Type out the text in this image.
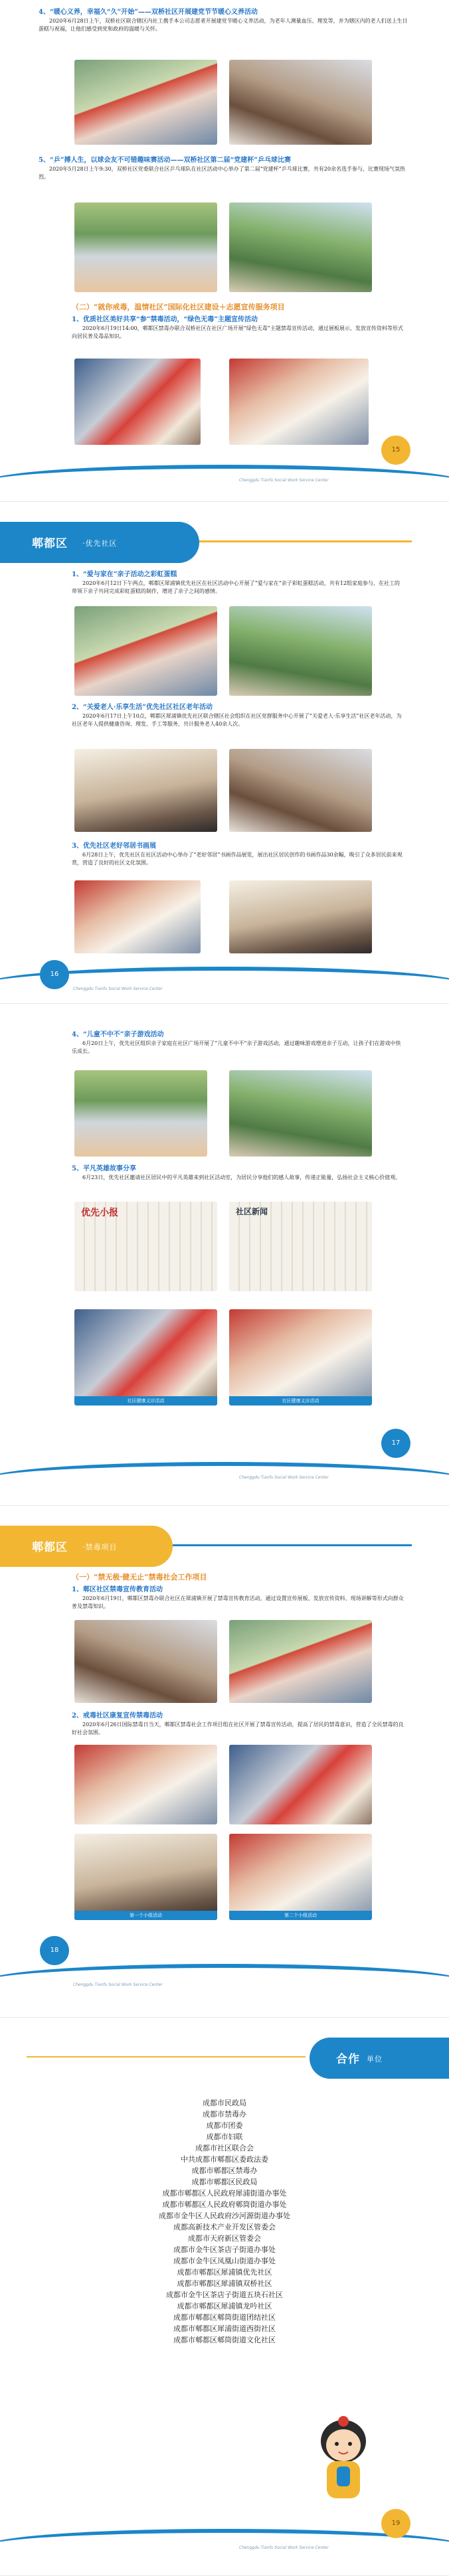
4、“暖心义养，幸福久“久”开始”——双桥社区开展建党节节暖心义养活动

2020年6月28日上午，双桥社区联合辖区内社工携手本公司志愿者开展建党节暖心义养活动，为老年人测量血压、理发等，并为辖区内的老人们送上生日蛋糕与祝福，让他们感受到党和政府的温暖与关怀。

5、“乒”搏人生，以球会友不可错趣味赛活动——双桥社区第二届“党建杯”乒乓球比赛

2020年5月28日上午9:30，双桥社区党委联合社区乒乓球队在社区活动中心举办了第二届“党建杯”乒乓球比赛，共有20余名选手参与，比赛现场气氛热烈。

（二）“就你戒毒，温情社区”国际化社区建设＋志愿宣传服务项目

1、优质社区美好共享“参”禁毒活动，“绿色无毒”主题宣传活动

2020年6月19日14:00，郫都区禁毒办联合双桥社区在社区广场开展“绿色无毒”主题禁毒宣传活动，通过展板展示、发放宣传资料等形式向居民普及毒品知识。

Chenggdu Tianfu Social Work Service Center
15
郫都区 ·优先社区

1、“爱与家在”亲子活动之彩虹蛋糕

2020年6月12日下午两点，郫都区犀浦镇优先社区在社区活动中心开展了“爱与家在”亲子彩虹蛋糕活动，共有12组家庭参与，在社工的带领下亲子共同完成彩虹蛋糕的制作，增进了亲子之间的感情。

2、“关爱老人·乐享生活”优先社区社区老年活动

2020年6月17日上午10点，郫都区犀浦镇优先社区联合辖区社会组织在社区党群服务中心开展了“关爱老人·乐享生活”社区老年活动，为社区老年人提供健康咨询、理发、手工等服务，共计服务老人40余人次。

3、优先社区老好邻居书画展

6月28日上午，优先社区在社区活动中心举办了“老好邻居”书画作品展览，展出社区居民创作的书画作品30余幅，吸引了众多居民前来观赏，营造了良好的社区文化氛围。

Chenggdu Tianfu Social Work Service Center
16

4、“儿童不中不”亲子游戏活动

6月20日上午，优先社区组织亲子家庭在社区广场开展了“儿童不中不”亲子游戏活动，通过趣味游戏增进亲子互动，让孩子们在游戏中快乐成长。

5、平凡英雄故事分享

6月23日，优先社区邀请社区居民中的平凡英雄来到社区活动室，为居民分享他们的感人故事，传递正能量，弘扬社会主义核心价值观。

优先小报	社区新闻
社区健康义诊活动	社区健康义诊活动
Chenggdu Tianfu Social Work Service Center
17
郫都区 ·禁毒项目

（一）“禁无极·健无止”禁毒社会工作项目

1、郫区社区禁毒宣传教育活动

2020年6月19日，郫都区禁毒办联合社区在犀浦镇开展了禁毒宣传教育活动，通过设置宣传展板、发放宣传资料、现场讲解等形式向群众普及禁毒知识。

2、戒毒社区康复宣传禁毒活动

2020年6月26日国际禁毒日当天，郫都区禁毒社会工作项目组在社区开展了禁毒宣传活动，提高了居民的禁毒意识，营造了全民禁毒的良好社会氛围。

第一个小组活动	第二个小组活动
Chenggdu Tianfu Social Work Service Center
18
合作 单位
成都市民政局
成都市禁毒办
成都市团委
成都市妇联
成都市社区联合会
中共成都市郫都区委政法委
成都市郫都区禁毒办
成都市郫都区民政局
成都市郫都区人民政府犀浦街道办事处
成都市郫都区人民政府郫筒街道办事处
成都市金牛区人民政府沙河源街道办事处
成都高新技术产业开发区管委会
成都市天府新区管委会
成都市金牛区茶店子街道办事处
成都市金牛区凤凰山街道办事处
成都市郫都区犀浦镇优先社区
成都市郫都区犀浦镇双桥社区
成都市金牛区茶店子街道五块石社区
成都市郫都区犀浦镇龙吟社区
成都市郫都区郫筒街道团结社区
成都市郫都区犀浦街道西街社区
成都市郫都区郫筒街道文化社区
Chenggdu Tianfu Social Work Service Center
19
